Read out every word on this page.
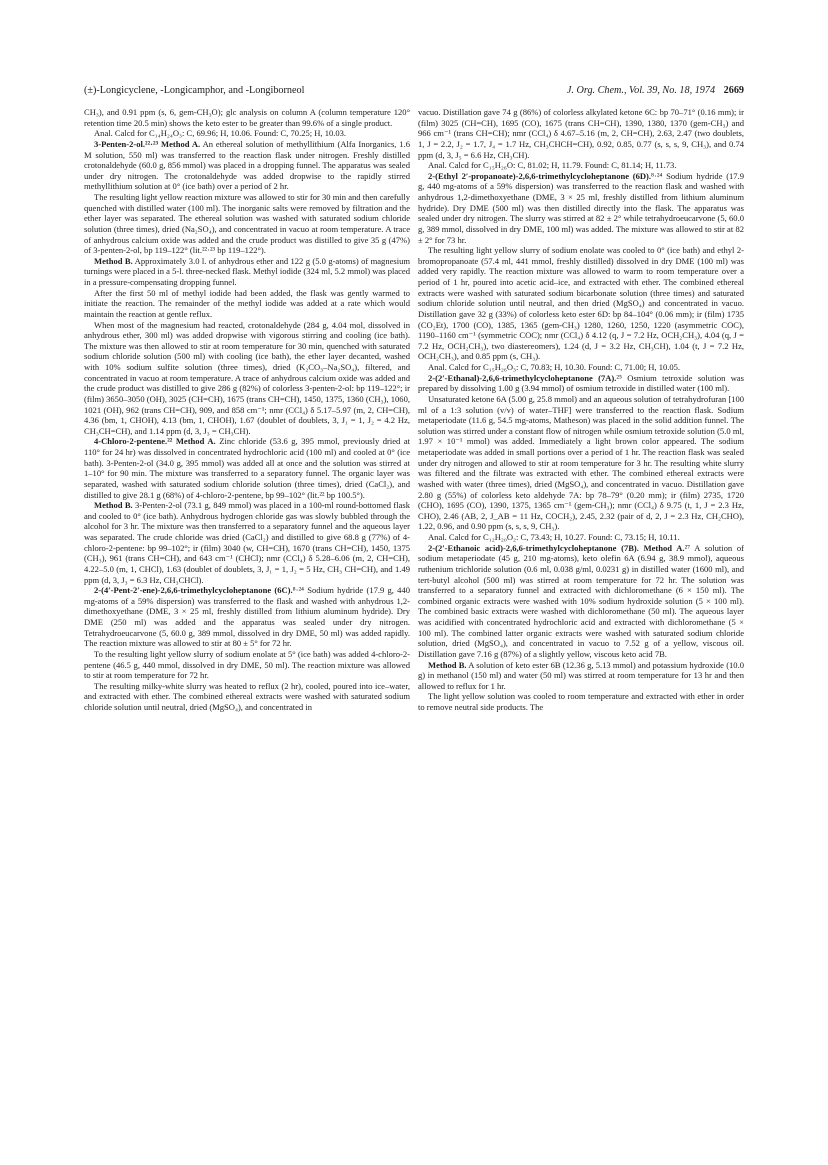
(±)-Longicyclene, -Longicamphor, and -Longiborneol	J. Org. Chem., Vol. 39, No. 18, 1974 2669

CH₃), and 0.91 ppm (s, 6, gem-CH₃O); glc analysis on column A (column temperature 120° retention time 20.5 min) shows the keto ester to be greater than 99.6% of a single product.

Anal. Calcd for C₁₄H₂₄O₃: C, 69.96; H, 10.06. Found: C, 70.25; H, 10.03.

3-Penten-2-ol.²²·²³ Method A. An ethereal solution of methyllithium (Alfa Inorganics, 1.6 M solution, 550 ml) was transferred to the reaction flask under nitrogen. Freshly distilled crotonaldehyde (60.0 g, 856 mmol) was placed in a dropping funnel. The apparatus was sealed under dry nitrogen. The crotonaldehyde was added dropwise to the rapidly stirred methyllithium solution at 0° (ice bath) over a period of 2 hr.

The resulting light yellow reaction mixture was allowed to stir for 30 min and then carefully quenched with distilled water (100 ml). The inorganic salts were removed by filtration and the ether layer was separated. The ethereal solution was washed with saturated sodium chloride solution (three times), dried (Na₂SO₄), and concentrated in vacuo at room temperature. A trace of anhydrous calcium oxide was added and the crude product was distilled to give 35 g (47%) of 3-penten-2-ol, bp 119–122° (lit.²²·²³ bp 119–122°).

Method B. Approximately 3.0 l. of anhydrous ether and 122 g (5.0 g-atoms) of magnesium turnings were placed in a 5-l. three-necked flask. Methyl iodide (324 ml, 5.2 mmol) was placed in a pressure-compensating dropping funnel.

After the first 50 ml of methyl iodide had been added, the flask was gently warmed to initiate the reaction. The remainder of the methyl iodide was added at a rate which would maintain the reaction at gentle reflux.

When most of the magnesium had reacted, crotonaldehyde (284 g, 4.04 mol, dissolved in anhydrous ether, 300 ml) was added dropwise with vigorous stirring and cooling (ice bath). The mixture was then allowed to stir at room temperature for 30 min, quenched with saturated sodium chloride solution (500 ml) with cooling (ice bath), the ether layer decanted, washed with 10% sodium sulfite solution (three times), dried (K₂CO₃–Na₂SO₄), filtered, and concentrated in vacuo at room temperature. A trace of anhydrous calcium oxide was added and the crude product was distilled to give 286 g (82%) of colorless 3-penten-2-ol: bp 119–122°; ir (film) 3650–3050 (OH), 3025 (CH=CH), 1675 (trans CH=CH), 1450, 1375, 1360 (CH₃), 1060, 1021 (OH), 962 (trans CH=CH), 909, and 858 cm⁻¹; nmr (CCl₄) δ 5.17–5.97 (m, 2, CH=CH), 4.36 (bm, 1, CHOH), 4.13 (bm, 1, CHOH), 1.67 (doublet of doublets, 3, J₁ = 1, J₂ = 4.2 Hz, CH₃CH=CH), and 1.14 ppm (d, 3, J₃ = CH₃CH).

4-Chloro-2-pentene.²² Method A. Zinc chloride (53.6 g, 395 mmol, previously dried at 110° for 24 hr) was dissolved in concentrated hydrochloric acid (100 ml) and cooled at 0° (ice bath). 3-Penten-2-ol (34.0 g, 395 mmol) was added all at once and the solution was stirred at 1–10° for 90 min. The mixture was transferred to a separatory funnel. The organic layer was separated, washed with saturated sodium chloride solution (three times), dried (CaCl₂), and distilled to give 28.1 g (68%) of 4-chloro-2-pentene, bp 99–102° (lit.²² bp 100.5°).

Method B. 3-Penten-2-ol (73.1 g, 849 mmol) was placed in a 100-ml round-bottomed flask and cooled to 0° (ice bath). Anhydrous hydrogen chloride gas was slowly bubbled through the alcohol for 3 hr. The mixture was then transferred to a separatory funnel and the aqueous layer was separated. The crude chloride was dried (CaCl₂) and distilled to give 68.8 g (77%) of 4-chloro-2-pentene: bp 99–102°; ir (film) 3040 (w, CH=CH), 1670 (trans CH=CH), 1450, 1375 (CH₃), 961 (trans CH=CH), and 643 cm⁻¹ (CHCl); nmr (CCl₄) δ 5.28–6.06 (m, 2, CH=CH), 4.22–5.0 (m, 1, CHCl), 1.63 (doublet of doublets, 3, J₁ = 1, J₂ = 5 Hz, CH₃ CH=CH), and 1.49 ppm (d, 3, J₃ = 6.3 Hz, CH₃CHCl).

2-(4′-Pent-2′-ene)-2,6,6-trimethylcycloheptanone (6C).⁸·²⁴ Sodium hydride (17.9 g, 440 mg-atoms of a 59% dispersion) was transferred to the flask and washed with anhydrous 1,2-dimethoxyethane (DME, 3 × 25 ml, freshly distilled from lithium aluminum hydride). Dry DME (250 ml) was added and the apparatus was sealed under dry nitrogen. Tetrahydroeucarvone (5, 60.0 g, 389 mmol, dissolved in dry DME, 50 ml) was added rapidly. The reaction mixture was allowed to stir at 80 ± 5° for 72 hr.

To the resulting light yellow slurry of sodium enolate at 5° (ice bath) was added 4-chloro-2-pentene (46.5 g, 440 mmol, dissolved in dry DME, 50 ml). The reaction mixture was allowed to stir at room temperature for 72 hr.

The resulting milky-white slurry was heated to reflux (2 hr), cooled, poured into ice–water, and extracted with ether. The combined ethereal extracts were washed with saturated sodium chloride solution until neutral, dried (MgSO₄), and concentrated in

vacuo. Distillation gave 74 g (86%) of colorless alkylated ketone 6C: bp 70–71° (0.16 mm); ir (film) 3025 (CH=CH), 1695 (CO), 1675 (trans CH=CH), 1390, 1380, 1370 (gem-CH₃) and 966 cm⁻¹ (trans CH=CH); nmr (CCl₄) δ 4.67–5.16 (m, 2, CH=CH), 2.63, 2.47 (two doublets, 1, J = 2.2, J₂ = 1.7, J₄ = 1.7 Hz, CH₃CHCH=CH), 0.92, 0.85, 0.77 (s, s, s, 9, CH₃), and 0.74 ppm (d, 3, J₅ = 6.6 Hz, CH₃CH).

Anal. Calcd for C₁₅H₂₆O: C, 81.02; H, 11.79. Found: C, 81.14; H, 11.73.

2-(Ethyl 2′-propanoate)-2,6,6-trimethylcycloheptanone (6D).⁸·²⁴ Sodium hydride (17.9 g, 440 mg-atoms of a 59% dispersion) was transferred to the reaction flask and washed with anhydrous 1,2-dimethoxyethane (DME, 3 × 25 ml, freshly distilled from lithium aluminum hydride). Dry DME (500 ml) was then distilled directly into the flask. The apparatus was sealed under dry nitrogen. The slurry was stirred at 82 ± 2° while tetrahydroeucarvone (5, 60.0 g, 389 mmol, dissolved in dry DME, 100 ml) was added. The mixture was allowed to stir at 82 ± 2° for 73 hr.

The resulting light yellow slurry of sodium enolate was cooled to 0° (ice bath) and ethyl 2-bromopropanoate (57.4 ml, 441 mmol, freshly distilled) dissolved in dry DME (100 ml) was added very rapidly. The reaction mixture was allowed to warm to room temperature over a period of 1 hr, poured into acetic acid–ice, and extracted with ether. The combined ethereal extracts were washed with saturated sodium bicarbonate solution (three times) and saturated sodium chloride solution until neutral, and then dried (MgSO₄) and concentrated in vacuo. Distillation gave 32 g (33%) of colorless keto ester 6D: bp 84–104° (0.06 mm); ir (film) 1735 (CO₂Et), 1700 (CO), 1385, 1365 (gem-CH₃) 1280, 1260, 1250, 1220 (asymmetric COC), 1190–1160 cm⁻¹ (symmetric COC); nmr (CCl₄) δ 4.12 (q, J = 7.2 Hz, OCH₂CH₃), 4.04 (q, J = 7.2 Hz, OCH₂CH₃), two diastereomers), 1.24 (d, J = 3.2 Hz, CH₃CH), 1.04 (t, J = 7.2 Hz, OCH₂CH₃), and 0.85 ppm (s, CH₃).

Anal. Calcd for C₁₅H₂₆O₃: C, 70.83; H, 10.30. Found: C, 71.00; H, 10.05.

2-(2′-Ethanal)-2,6,6-trimethylcycloheptanone (7A).²⁵ Osmium tetroxide solution was prepared by dissolving 1.00 g (3.94 mmol) of osmium tetroxide in distilled water (100 ml).

Unsaturated ketone 6A (5.00 g, 25.8 mmol) and an aqueous solution of tetrahydrofuran [100 ml of a 1:3 solution (v/v) of water–THF] were transferred to the reaction flask. Sodium metaperiodate (11.6 g, 54.5 mg-atoms, Matheson) was placed in the solid addition funnel. The solution was stirred under a constant flow of nitrogen while osmium tetroxide solution (5.0 ml, 1.97 × 10⁻¹ mmol) was added. Immediately a light brown color appeared. The sodium metaperiodate was added in small portions over a period of 1 hr. The reaction flask was sealed under dry nitrogen and allowed to stir at room temperature for 3 hr. The resulting white slurry was filtered and the filtrate was extracted with ether. The combined ethereal extracts were washed with water (three times), dried (MgSO₄), and concentrated in vacuo. Distillation gave 2.80 g (55%) of colorless keto aldehyde 7A: bp 78–79° (0.20 mm); ir (film) 2735, 1720 (CHO), 1695 (CO), 1390, 1375, 1365 cm⁻¹ (gem-CH₃); nmr (CCl₄) δ 9.75 (t, 1, J = 2.3 Hz, CHO), 2.46 (AB, 2, J_AB = 11 Hz, COCH₂), 2.45, 2.32 (pair of d, 2, J = 2.3 Hz, CH₂CHO), 1.22, 0.96, and 0.90 ppm (s, s, s, 9, CH₃).

Anal. Calcd for C₁₂H₂₀O₂: C, 73.43; H, 10.27. Found: C, 73.15; H, 10.11.

2-(2′-Ethanoic acid)-2,6,6-trimethylcycloheptanone (7B). Method A.²⁷ A solution of sodium metaperiodate (45 g, 210 mg-atoms), keto olefin 6A (6.94 g, 38.9 mmol), aqueous ruthenium trichloride solution (0.6 ml, 0.038 g/ml, 0.0231 g) in distilled water (1600 ml), and tert-butyl alcohol (500 ml) was stirred at room temperature for 72 hr. The solution was transferred to a separatory funnel and extracted with dichloromethane (6 × 150 ml). The combined organic extracts were washed with 10% sodium hydroxide solution (5 × 100 ml). The combined basic extracts were washed with dichloromethane (50 ml). The aqueous layer was acidified with concentrated hydrochloric acid and extracted with dichloromethane (5 × 100 ml). The combined latter organic extracts were washed with saturated sodium chloride solution, dried (MgSO₄), and concentrated in vacuo to 7.52 g of a yellow, viscous oil. Distillation gave 7.16 g (87%) of a slightly yellow, viscous keto acid 7B.

Method B. A solution of keto ester 6B (12.36 g, 5.13 mmol) and potassium hydroxide (10.0 g) in methanol (150 ml) and water (50 ml) was stirred at room temperature for 13 hr and then allowed to reflux for 1 hr.

The light yellow solution was cooled to room temperature and extracted with ether in order to remove neutral side products. The
